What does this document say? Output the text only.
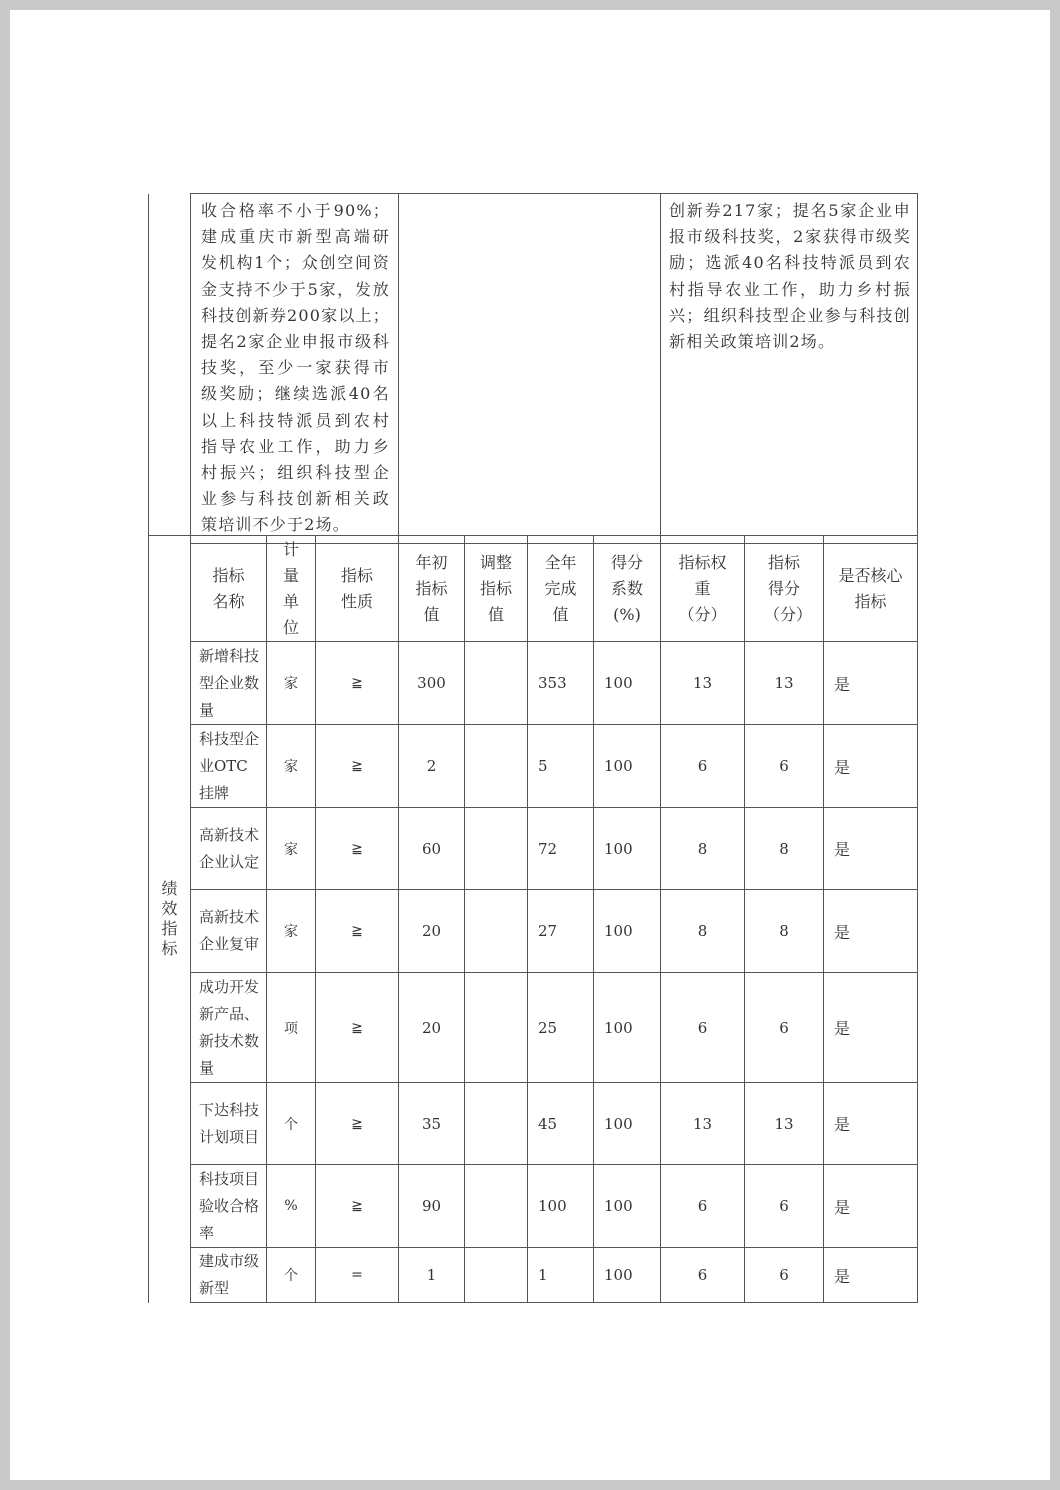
	收合格率不小于90%；建成重庆市新型高端研发机构1个；众创空间资金支持不少于5家，发放科技创新券200家以上；提名2家企业申报市级科技奖，至少一家获得市级奖励；继续选派40名以上科技特派员到农村指导农业工作，助力乡村振兴；组织科技型企业参与科技创新相关政策培训不少于2场。		创新券217家；提名5家企业申报市级科技奖，2家获得市级奖励；选派40名科技特派员到农村指导农业工作，助力乡村振兴；组织科技型企业参与科技创新相关政策培训2场。
绩效指标	指标名称	计量单位	指标性质	年初指标值	调整指标值	全年完成值	得分系数(%)	指标权重（分）	指标得分（分）	是否核心指标

	新增科技型企业数量	家	≧	300		353	100	13	13	是
	科技型企业OTC挂牌	家	≧	2		5	100	6	6	是
	高新技术企业认定	家	≧	60		72	100	8	8	是
	高新技术企业复审	家	≧	20		27	100	8	8	是
	成功开发新产品、新技术数量	项	≧	20		25	100	6	6	是
	下达科技计划项目	个	≧	35		45	100	13	13	是
	科技项目验收合格率	%	≧	90		100	100	6	6	是
	建成市级新型	个	=	1		1	100	6	6	是
